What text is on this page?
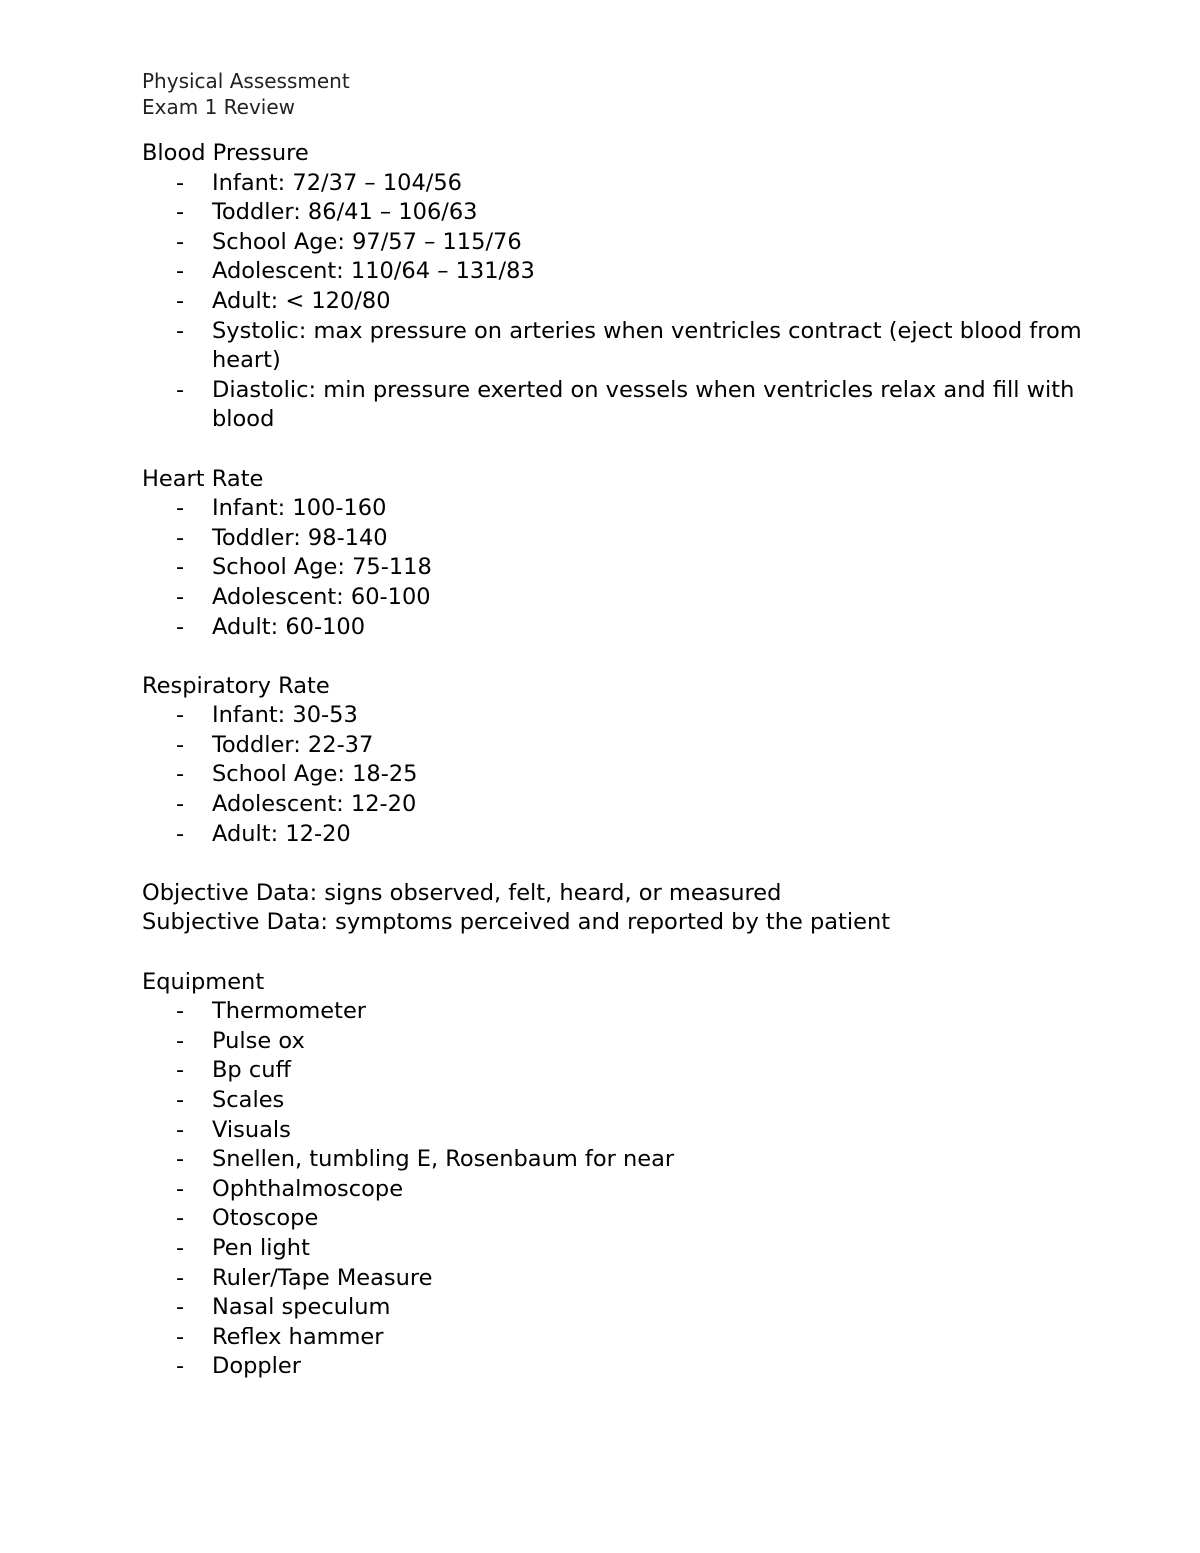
Physical Assessment
Exam 1 Review
Blood Pressure
- Infant: 72/37 – 104/56
- Toddler: 86/41 – 106/63
- School Age: 97/57 – 115/76
- Adolescent: 110/64 – 131/83
- Adult: < 120/80
- Systolic: max pressure on arteries when ventricles contract (eject blood from heart)
- Diastolic: min pressure exerted on vessels when ventricles relax and fill with blood
Heart Rate
- Infant: 100-160
- Toddler: 98-140
- School Age: 75-118
- Adolescent: 60-100
- Adult: 60-100
Respiratory Rate
- Infant: 30-53
- Toddler: 22-37
- School Age: 18-25
- Adolescent: 12-20
- Adult: 12-20
Objective Data: signs observed, felt, heard, or measured
Subjective Data: symptoms perceived and reported by the patient
Equipment
- Thermometer
- Pulse ox
- Bp cuff
- Scales
- Visuals
- Snellen, tumbling E, Rosenbaum for near
- Ophthalmoscope
- Otoscope
- Pen light
- Ruler/Tape Measure
- Nasal speculum
- Reflex hammer
- Doppler
